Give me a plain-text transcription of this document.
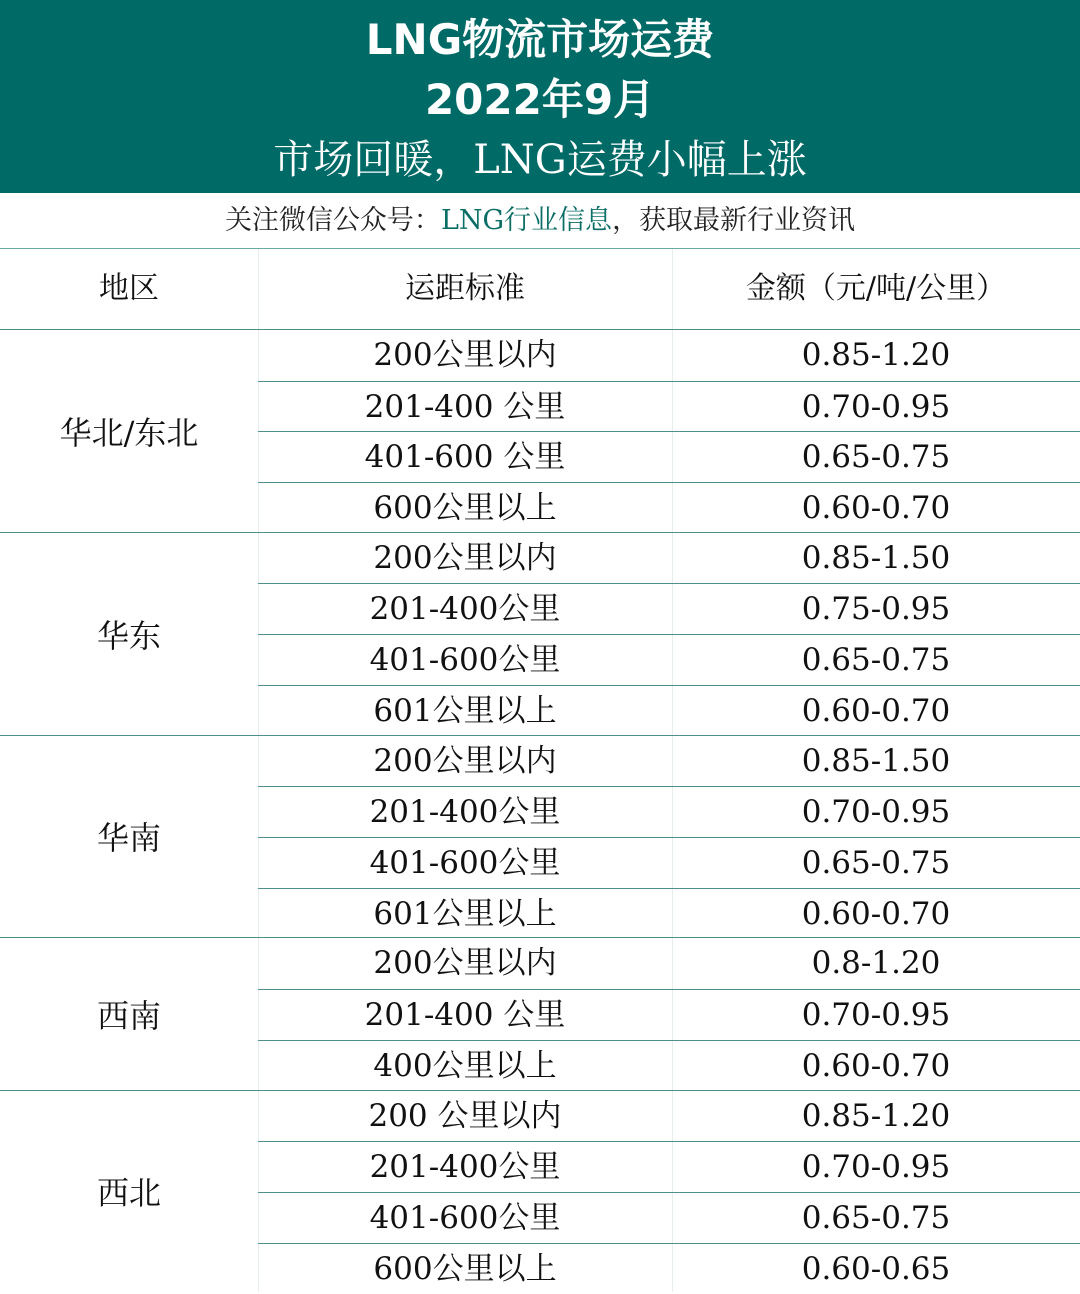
LNG物流市场运费
2022年9月
市场回暖，LNG运费小幅上涨
关注微信公众号：LNG行业信息，获取最新行业资讯
地区	运距标准	金额（元/吨/公里）
华北/东北
200公里以内	0.85-1.20
201-400 公里	0.70-0.95
401-600 公里	0.65-0.75
600公里以上	0.60-0.70
华东
200公里以内	0.85-1.50
201-400公里	0.75-0.95
401-600公里	0.65-0.75
601公里以上	0.60-0.70
华南
200公里以内	0.85-1.50
201-400公里	0.70-0.95
401-600公里	0.65-0.75
601公里以上	0.60-0.70
西南
200公里以内	0.8-1.20
201-400 公里	0.70-0.95
400公里以上	0.60-0.70
西北
200 公里以内	0.85-1.20
201-400公里	0.70-0.95
401-600公里	0.65-0.75
600公里以上	0.60-0.65
